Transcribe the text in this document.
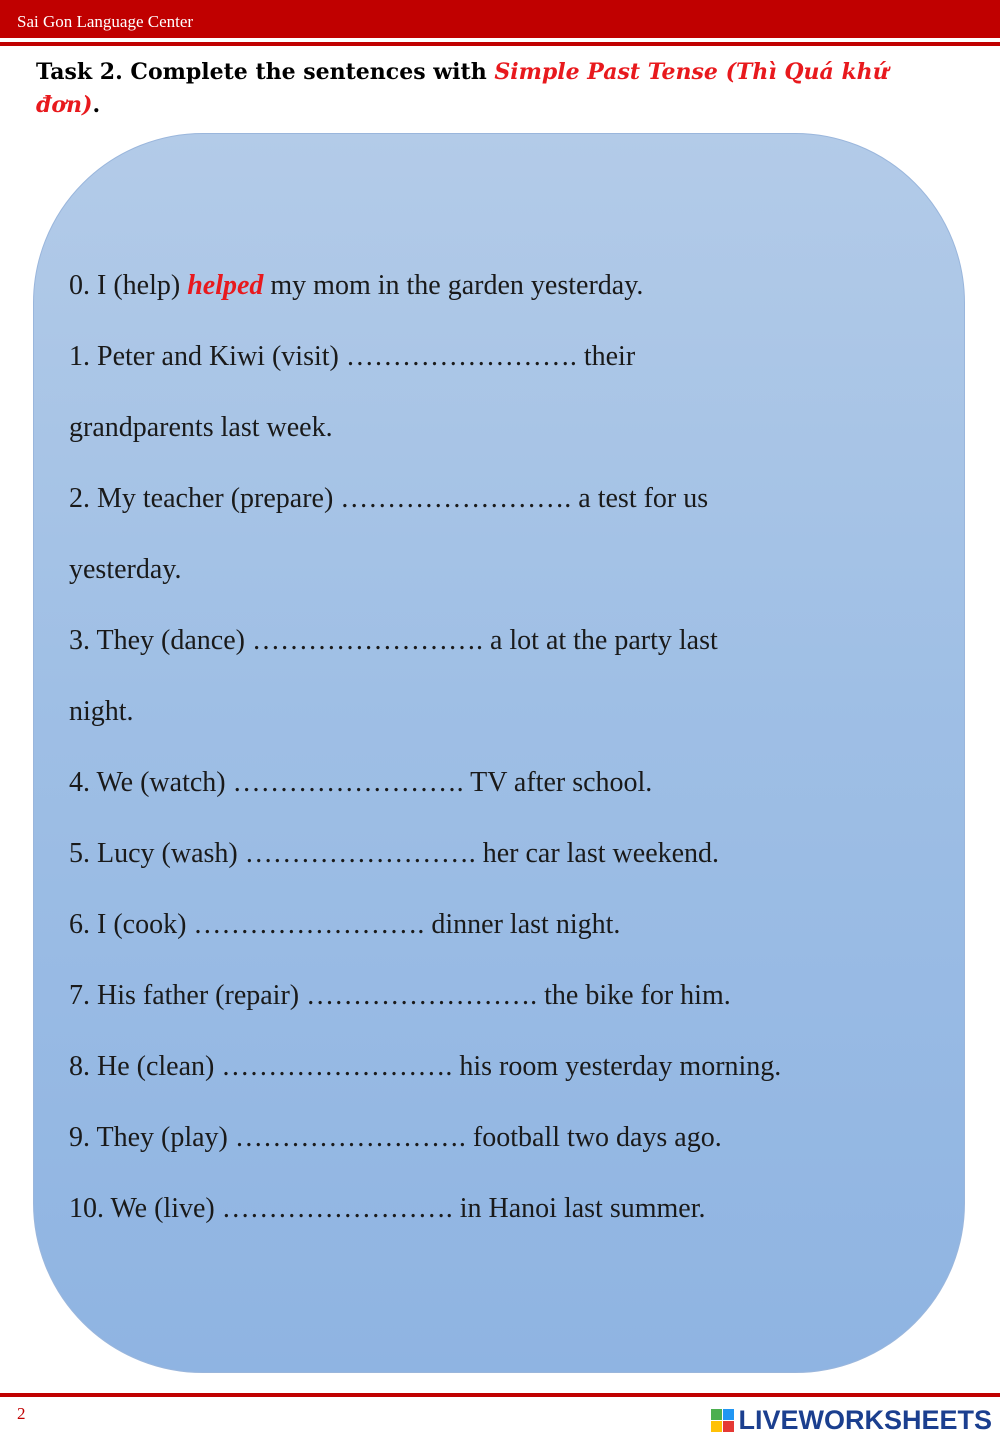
Sai Gon Language Center
Task 2. Complete the sentences with Simple Past Tense (Thì Quá khứ đơn).
0. I (help) helped my mom in the garden yesterday.
1. Peter and Kiwi (visit) ……………………. their
grandparents last week.
2. My teacher (prepare) ……………………. a test for us
yesterday.
3. They (dance) ……………………. a lot at the party last
night.
4. We (watch) ……………………. TV after school.
5. Lucy (wash) ……………………. her car last weekend.
6. I (cook) ……………………. dinner last night.
7. His father (repair) ……………………. the bike for him.
8. He (clean) ……………………. his room yesterday morning.
9. They (play) ……………………. football two days ago.
10. We (live) ……………………. in Hanoi last summer.
2	LIVEWORKSHEETS
